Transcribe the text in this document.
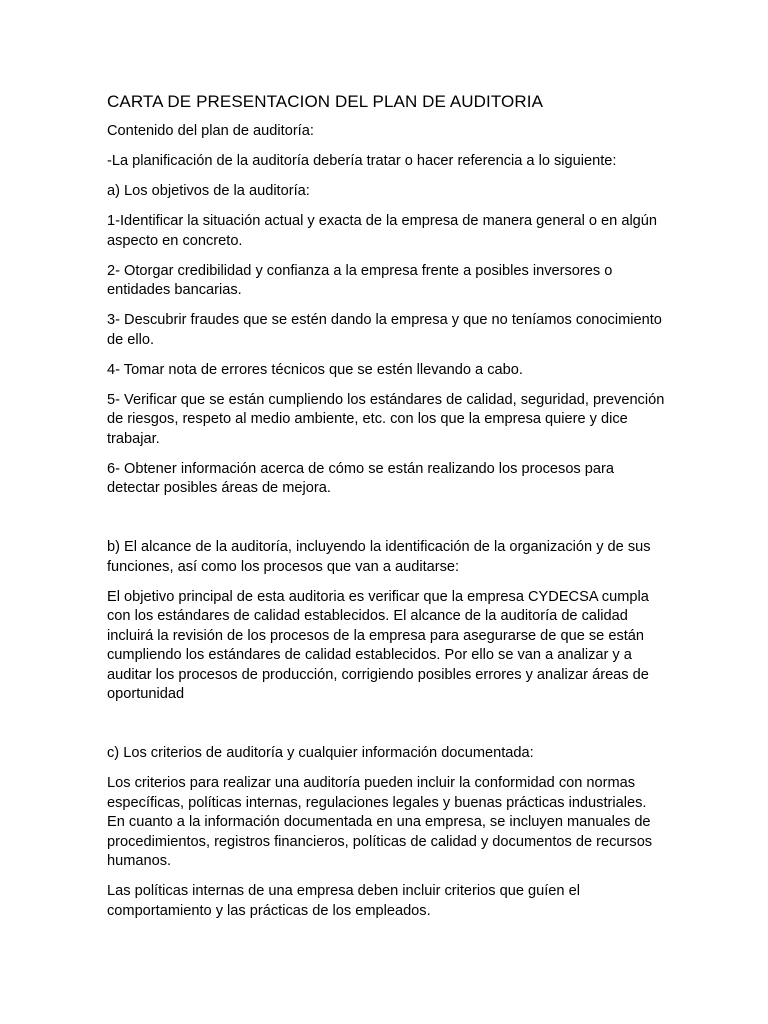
CARTA DE PRESENTACION DEL PLAN DE AUDITORIA

Contenido del plan de auditoría:

-La planificación de la auditoría debería tratar o hacer referencia a lo siguiente:

a) Los objetivos de la auditoría:

1-Identificar la situación actual y exacta de la empresa de manera general o en algún aspecto en concreto.

2- Otorgar credibilidad y confianza a la empresa frente a posibles inversores o entidades bancarias.

3- Descubrir fraudes que se estén dando la empresa y que no teníamos conocimiento de ello.

4- Tomar nota de errores técnicos que se estén llevando a cabo.

5- Verificar que se están cumpliendo los estándares de calidad, seguridad, prevención de riesgos, respeto al medio ambiente, etc. con los que la empresa quiere y dice trabajar.

6- Obtener información acerca de cómo se están realizando los procesos para detectar posibles áreas de mejora.

b) El alcance de la auditoría, incluyendo la identificación de la organización y de sus funciones, así como los procesos que van a auditarse:

El objetivo principal de esta auditoria es verificar que la empresa CYDECSA cumpla con los estándares de calidad establecidos. El alcance de la auditoría de calidad incluirá la revisión de los procesos de la empresa para asegurarse de que se están cumpliendo los estándares de calidad establecidos. Por ello se van a analizar y a auditar los procesos de producción, corrigiendo posibles errores y analizar áreas de oportunidad

c) Los criterios de auditoría y cualquier información documentada:

Los criterios para realizar una auditoría pueden incluir la conformidad con normas específicas, políticas internas, regulaciones legales y buenas prácticas industriales. En cuanto a la información documentada en una empresa, se incluyen manuales de procedimientos, registros financieros, políticas de calidad y documentos de recursos humanos.

Las políticas internas de una empresa deben incluir criterios que guíen el comportamiento y las prácticas de los empleados.
